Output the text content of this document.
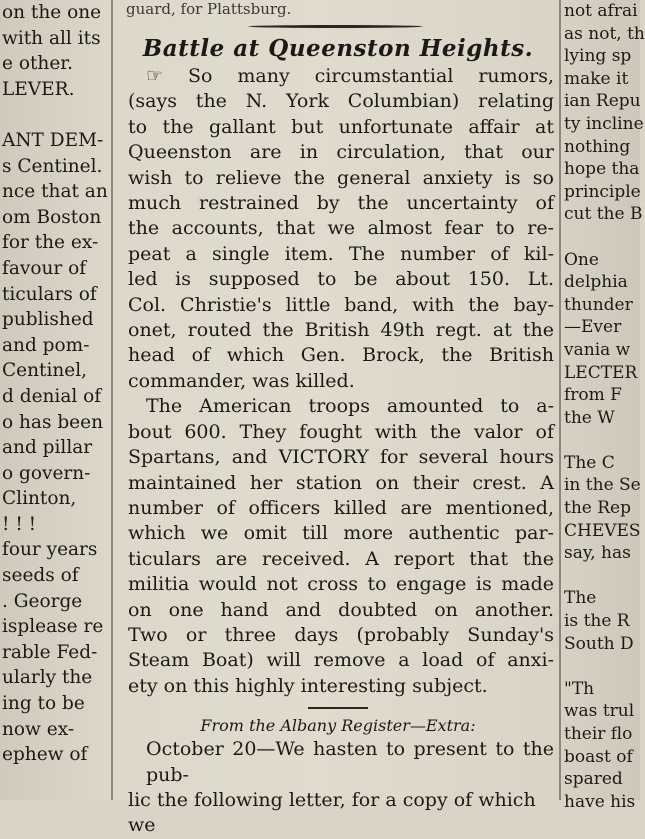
on the one
with all its
e other.
LEVER.

ANT DEM-
s Centinel.
nce that an
om Boston
for the ex-
favour of
ticulars of
published
and pom-
Centinel,
d denial of
o has been
and pillar
o govern-
Clinton,
! ! !
four years
seeds of
. George
isplease re
rable Fed-
ularly the
ing to be
now ex-
ephew of
guard, for Plattsburg.
Battle at Queenston Heights.
☞ So many circumstantial rumors,
(says the N. York Columbian) relating
to the gallant but unfortunate affair at
Queenston are in circulation, that our
wish to relieve the general anxiety is so
much restrained by the uncertainty of
the accounts, that we almost fear to re-
peat a single item. The number of kil-
led is supposed to be about 150. Lt.
Col. Christie's little band, with the bay-
onet, routed the British 49th regt. at the
head of which Gen. Brock, the British
commander, was killed.
The American troops amounted to a-
bout 600. They fought with the valor of
Spartans, and VICTORY for several hours
maintained her station on their crest. A
number of officers killed are mentioned,
which we omit till more authentic par-
ticulars are received. A report that the
militia would not cross to engage is made
on one hand and doubted on another.
Two or three days (probably Sunday's
Steam Boat) will remove a load of anxi-
ety on this highly interesting subject.
From the Albany Register—Extra:
October 20—We hasten to present to the pub-
lic the following letter, for a copy of which we
not afrai
as not, th
lying sp
make it
ian Repu
ty incline
nothing
hope tha
principle
cut the B

One
delphia
thunder
—Ever
vania w
LECTER
from F
the W

The C
in the Se
the Rep
CHEVES
say, has

The
is the R
South D

"Th
was trul
their flo
boast of
spared
have his
